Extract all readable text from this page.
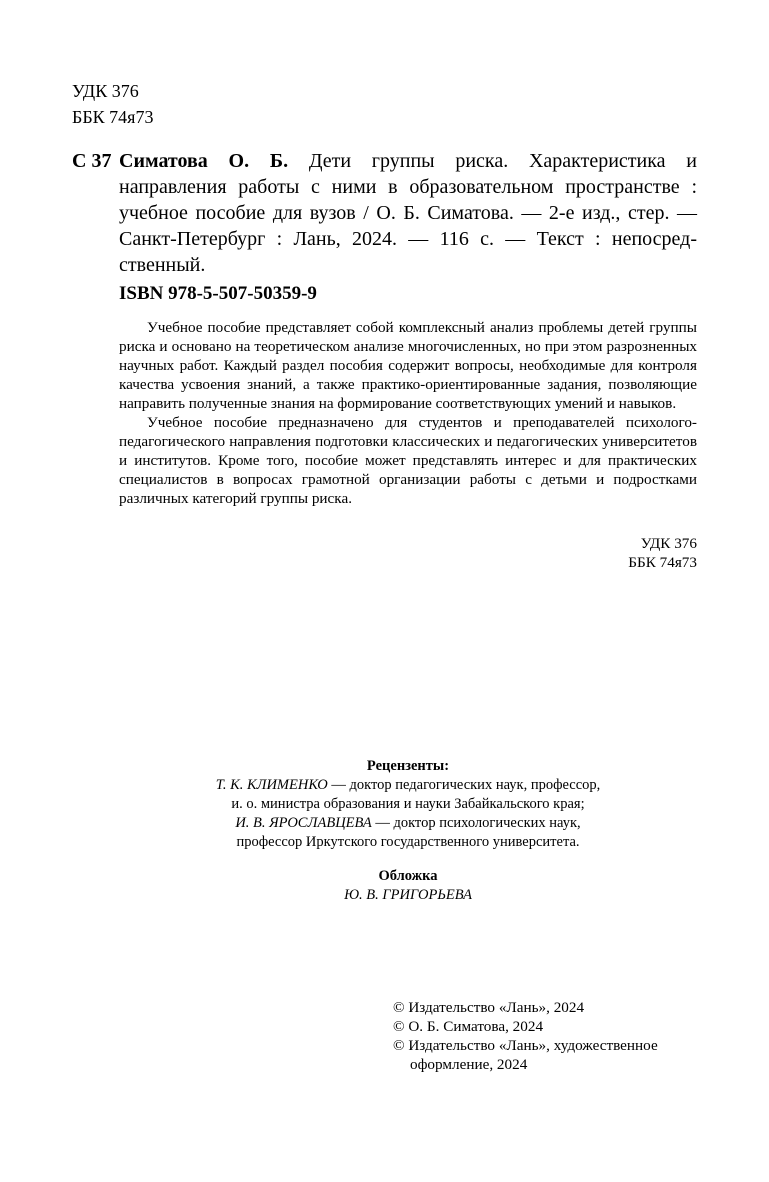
УДК 376
ББК 74я73
С 37 Симатова О. Б. Дети группы риска. Характеристика и направления работы с ними в образовательном пространстве : учебное пособие для вузов / О. Б. Симатова. — 2-е изд., стер. — Санкт-Петербург : Лань, 2024. — 116 с. — Текст : непосредственный.
ISBN 978-5-507-50359-9

Учебное пособие представляет собой комплексный анализ проблемы детей группы риска и основано на теоретическом анализе многочисленных, но при этом разрозненных научных работ. Каждый раздел пособия содержит вопросы, необходимые для контроля качества усвоения знаний, а также практико-ориентированные задания, позволяющие направить полученные знания на формирование соответствующих умений и навыков.

Учебное пособие предназначено для студентов и преподавателей психолого-педагогического направления подготовки классических и педагогических университетов и институтов. Кроме того, пособие может представлять интерес и для практических специалистов в вопросах грамотной организации работы с детьми и подростками различных категорий группы риска.

УДК 376
ББК 74я73
Рецензенты:
Т. К. КЛИМЕНКО — доктор педагогических наук, профессор,
и. о. министра образования и науки Забайкальского края;
И. В. ЯРОСЛАВЦЕВА — доктор психологических наук,
профессор Иркутского государственного университета.
Обложка
Ю. В. ГРИГОРЬЕВА
© Издательство «Лань», 2024
© О. Б. Симатова, 2024
© Издательство «Лань», художественное оформление, 2024
